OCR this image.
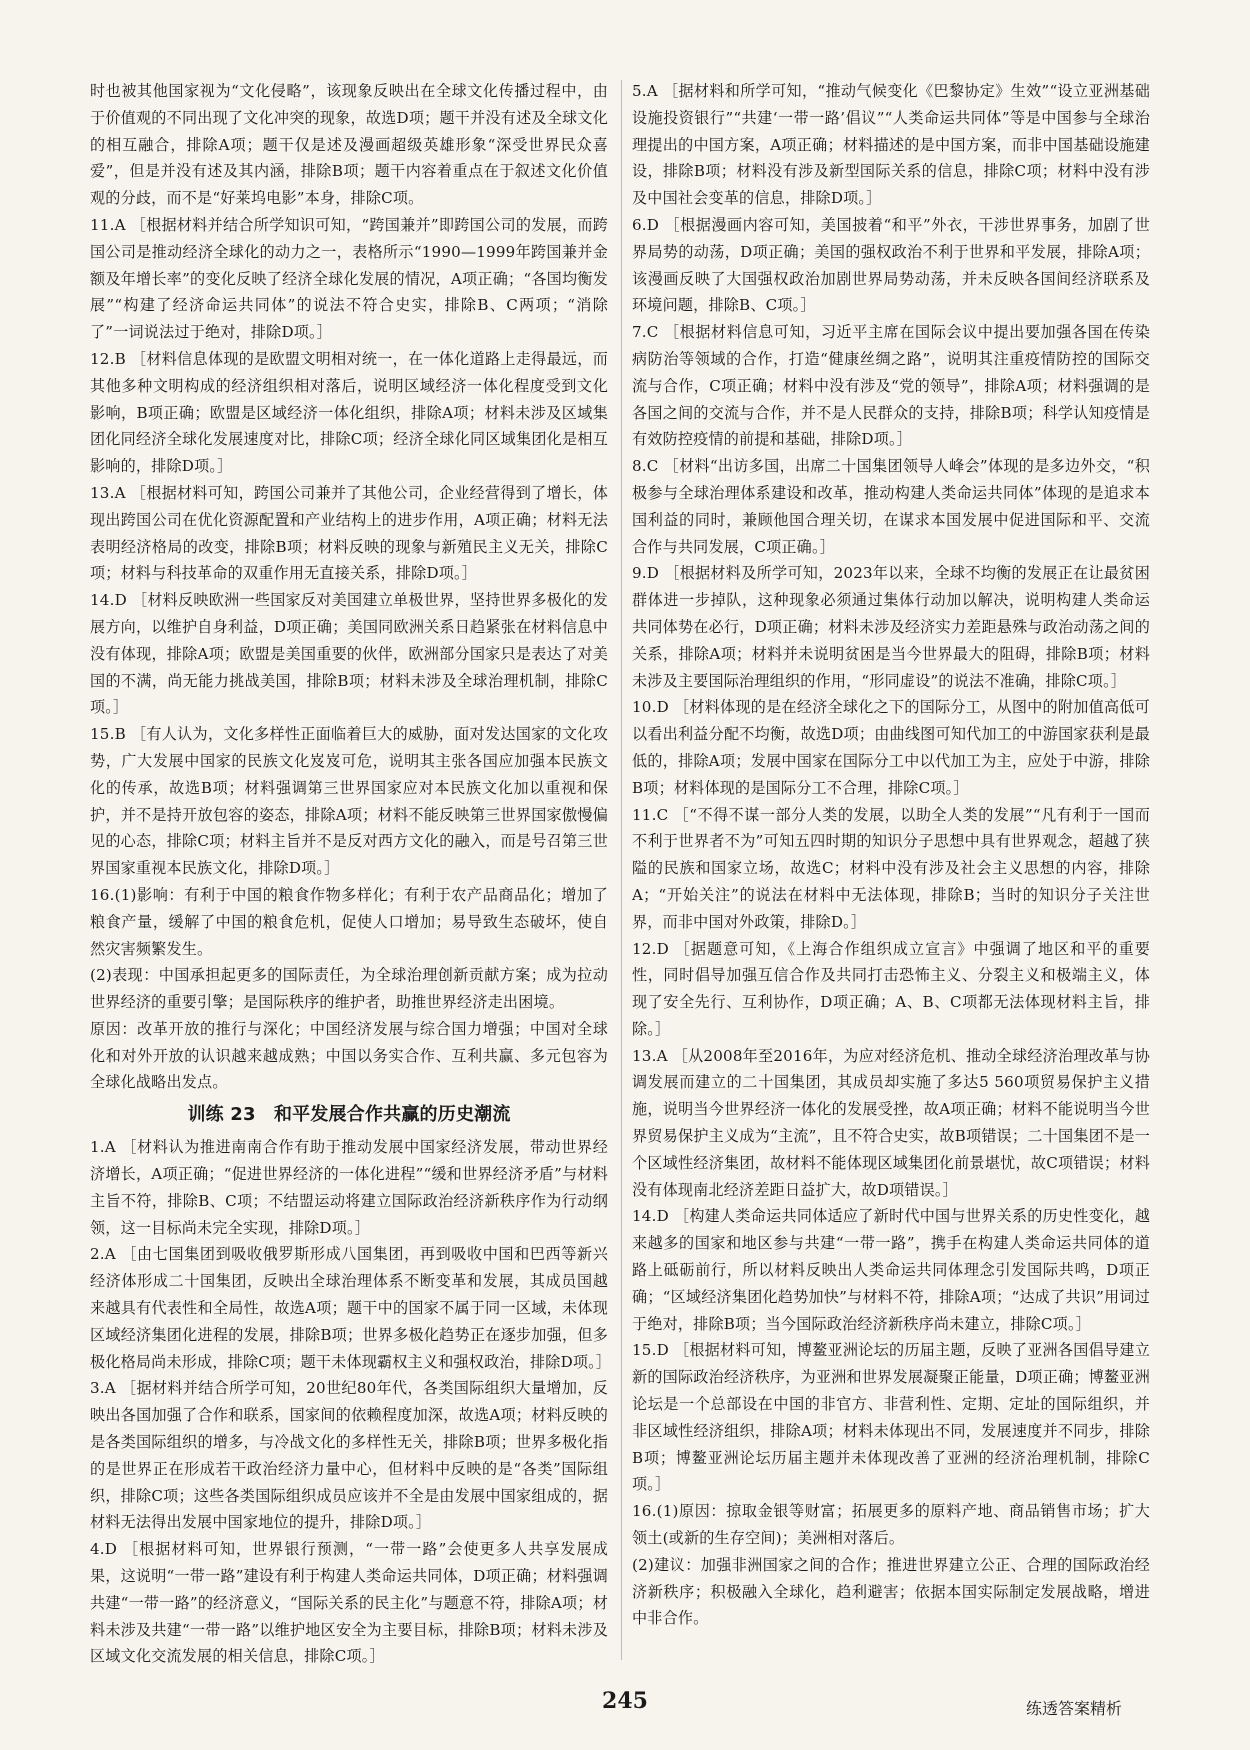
时也被其他国家视为“文化侵略”，该现象反映出在全球文化传播过程中，由于价值观的不同出现了文化冲突的现象，故选D项；题干并没有述及全球文化的相互融合，排除A项；题干仅是述及漫画超级英雄形象“深受世界民众喜爱”，但是并没有述及其内涵，排除B项；题干内容着重点在于叙述文化价值观的分歧，而不是“好莱坞电影”本身，排除C项。

11.A ［根据材料并结合所学知识可知，“跨国兼并”即跨国公司的发展，而跨国公司是推动经济全球化的动力之一，表格所示“1990—1999年跨国兼并金额及年增长率”的变化反映了经济全球化发展的情况，A项正确；“各国均衡发展”“构建了经济命运共同体”的说法不符合史实，排除B、C两项；“消除了”一词说法过于绝对，排除D项。］

12.B ［材料信息体现的是欧盟文明相对统一，在一体化道路上走得最远，而其他多种文明构成的经济组织相对落后，说明区域经济一体化程度受到文化影响，B项正确；欧盟是区域经济一体化组织，排除A项；材料未涉及区域集团化同经济全球化发展速度对比，排除C项；经济全球化同区域集团化是相互影响的，排除D项。］

13.A ［根据材料可知，跨国公司兼并了其他公司，企业经营得到了增长，体现出跨国公司在优化资源配置和产业结构上的进步作用，A项正确；材料无法表明经济格局的改变，排除B项；材料反映的现象与新殖民主义无关，排除C项；材料与科技革命的双重作用无直接关系，排除D项。］

14.D ［材料反映欧洲一些国家反对美国建立单极世界，坚持世界多极化的发展方向，以维护自身利益，D项正确；美国同欧洲关系日趋紧张在材料信息中没有体现，排除A项；欧盟是美国重要的伙伴，欧洲部分国家只是表达了对美国的不满，尚无能力挑战美国，排除B项；材料未涉及全球治理机制，排除C项。］

15.B ［有人认为，文化多样性正面临着巨大的威胁，面对发达国家的文化攻势，广大发展中国家的民族文化岌岌可危，说明其主张各国应加强本民族文化的传承，故选B项；材料强调第三世界国家应对本民族文化加以重视和保护，并不是持开放包容的姿态，排除A项；材料不能反映第三世界国家傲慢偏见的心态，排除C项；材料主旨并不是反对西方文化的融入，而是号召第三世界国家重视本民族文化，排除D项。］

16.(1)影响：有利于中国的粮食作物多样化；有利于农产品商品化；增加了粮食产量，缓解了中国的粮食危机，促使人口增加；易导致生态破坏，使自然灾害频繁发生。

(2)表现：中国承担起更多的国际责任，为全球治理创新贡献方案；成为拉动世界经济的重要引擎；是国际秩序的维护者，助推世界经济走出困境。

原因：改革开放的推行与深化；中国经济发展与综合国力增强；中国对全球化和对外开放的认识越来越成熟；中国以务实合作、互利共赢、多元包容为全球化战略出发点。

训练 23　和平发展合作共赢的历史潮流

1.A ［材料认为推进南南合作有助于推动发展中国家经济发展，带动世界经济增长，A项正确；“促进世界经济的一体化进程”“缓和世界经济矛盾”与材料主旨不符，排除B、C项；不结盟运动将建立国际政治经济新秩序作为行动纲领，这一目标尚未完全实现，排除D项。］

2.A ［由七国集团到吸收俄罗斯形成八国集团，再到吸收中国和巴西等新兴经济体形成二十国集团，反映出全球治理体系不断变革和发展，其成员国越来越具有代表性和全局性，故选A项；题干中的国家不属于同一区域，未体现区域经济集团化进程的发展，排除B项；世界多极化趋势正在逐步加强，但多极化格局尚未形成，排除C项；题干未体现霸权主义和强权政治，排除D项。］

3.A ［据材料并结合所学可知，20世纪80年代，各类国际组织大量增加，反映出各国加强了合作和联系，国家间的依赖程度加深，故选A项；材料反映的是各类国际组织的增多，与冷战文化的多样性无关，排除B项；世界多极化指的是世界正在形成若干政治经济力量中心，但材料中反映的是“各类”国际组织，排除C项；这些各类国际组织成员应该并不全是由发展中国家组成的，据材料无法得出发展中国家地位的提升，排除D项。］

4.D ［根据材料可知，世界银行预测，“一带一路”会使更多人共享发展成果，这说明“一带一路”建设有利于构建人类命运共同体，D项正确；材料强调共建“一带一路”的经济意义，“国际关系的民主化”与题意不符，排除A项；材料未涉及共建“一带一路”以维护地区安全为主要目标，排除B项；材料未涉及区域文化交流发展的相关信息，排除C项。］

5.A ［据材料和所学可知，“推动气候变化《巴黎协定》生效”“设立亚洲基础设施投资银行”“共建‘一带一路’倡议”“人类命运共同体”等是中国参与全球治理提出的中国方案，A项正确；材料描述的是中国方案，而非中国基础设施建设，排除B项；材料没有涉及新型国际关系的信息，排除C项；材料中没有涉及中国社会变革的信息，排除D项。］

6.D ［根据漫画内容可知，美国披着“和平”外衣，干涉世界事务，加剧了世界局势的动荡，D项正确；美国的强权政治不利于世界和平发展，排除A项；该漫画反映了大国强权政治加剧世界局势动荡，并未反映各国间经济联系及环境问题，排除B、C项。］

7.C ［根据材料信息可知，习近平主席在国际会议中提出要加强各国在传染病防治等领域的合作，打造“健康丝绸之路”，说明其注重疫情防控的国际交流与合作，C项正确；材料中没有涉及“党的领导”，排除A项；材料强调的是各国之间的交流与合作，并不是人民群众的支持，排除B项；科学认知疫情是有效防控疫情的前提和基础，排除D项。］

8.C ［材料“出访多国，出席二十国集团领导人峰会”体现的是多边外交，“积极参与全球治理体系建设和改革，推动构建人类命运共同体”体现的是追求本国利益的同时，兼顾他国合理关切，在谋求本国发展中促进国际和平、交流合作与共同发展，C项正确。］

9.D ［根据材料及所学可知，2023年以来，全球不均衡的发展正在让最贫困群体进一步掉队，这种现象必须通过集体行动加以解决，说明构建人类命运共同体势在必行，D项正确；材料未涉及经济实力差距悬殊与政治动荡之间的关系，排除A项；材料并未说明贫困是当今世界最大的阻碍，排除B项；材料未涉及主要国际治理组织的作用，“形同虚设”的说法不准确，排除C项。］

10.D ［材料体现的是在经济全球化之下的国际分工，从图中的附加值高低可以看出利益分配不均衡，故选D项；由曲线图可知代加工的中游国家获利是最低的，排除A项；发展中国家在国际分工中以代加工为主，应处于中游，排除B项；材料体现的是国际分工不合理，排除C项。］

11.C ［“不得不谋一部分人类的发展，以助全人类的发展”“凡有利于一国而不利于世界者不为”可知五四时期的知识分子思想中具有世界观念，超越了狭隘的民族和国家立场，故选C；材料中没有涉及社会主义思想的内容，排除A；“开始关注”的说法在材料中无法体现，排除B；当时的知识分子关注世界，而非中国对外政策，排除D。］

12.D ［据题意可知，《上海合作组织成立宣言》中强调了地区和平的重要性，同时倡导加强互信合作及共同打击恐怖主义、分裂主义和极端主义，体现了安全先行、互利协作，D项正确；A、B、C项都无法体现材料主旨，排除。］

13.A ［从2008年至2016年，为应对经济危机、推动全球经济治理改革与协调发展而建立的二十国集团，其成员却实施了多达5 560项贸易保护主义措施，说明当今世界经济一体化的发展受挫，故A项正确；材料不能说明当今世界贸易保护主义成为“主流”，且不符合史实，故B项错误；二十国集团不是一个区域性经济集团，故材料不能体现区域集团化前景堪忧，故C项错误；材料没有体现南北经济差距日益扩大，故D项错误。］

14.D ［构建人类命运共同体适应了新时代中国与世界关系的历史性变化，越来越多的国家和地区参与共建“一带一路”，携手在构建人类命运共同体的道路上砥砺前行，所以材料反映出人类命运共同体理念引发国际共鸣，D项正确；“区域经济集团化趋势加快”与材料不符，排除A项；“达成了共识”用词过于绝对，排除B项；当今国际政治经济新秩序尚未建立，排除C项。］

15.D ［根据材料可知，博鳌亚洲论坛的历届主题，反映了亚洲各国倡导建立新的国际政治经济秩序，为亚洲和世界发展凝聚正能量，D项正确；博鳌亚洲论坛是一个总部设在中国的非官方、非营利性、定期、定址的国际组织，并非区域性经济组织，排除A项；材料未体现出不同，发展速度并不同步，排除B项；博鳌亚洲论坛历届主题并未体现改善了亚洲的经济治理机制，排除C项。］

16.(1)原因：掠取金银等财富；拓展更多的原料产地、商品销售市场；扩大领土(或新的生存空间)；美洲相对落后。

(2)建议：加强非洲国家之间的合作；推进世界建立公正、合理的国际政治经济新秩序；积极融入全球化，趋利避害；依据本国实际制定发展战略，增进中非合作。

245	练透答案精析
